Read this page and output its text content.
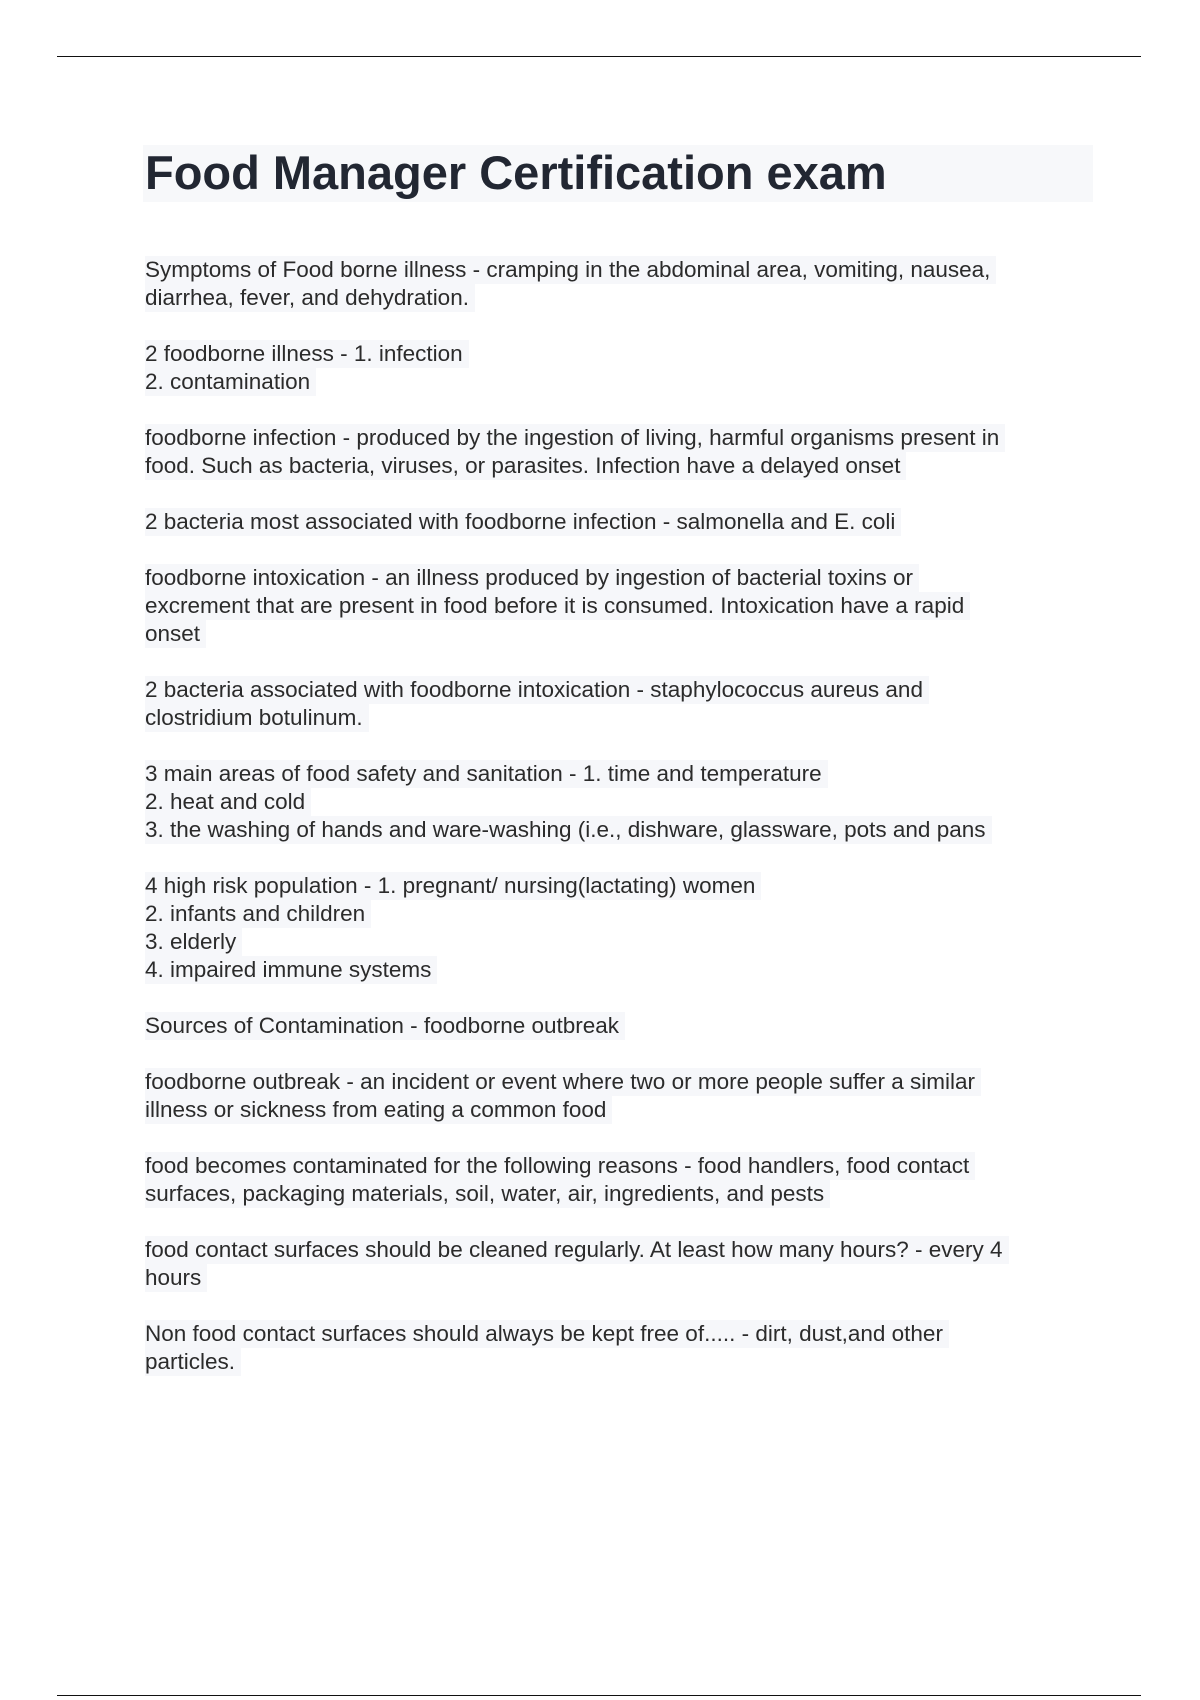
Food Manager Certification exam
Symptoms of Food borne illness - cramping in the abdominal area, vomiting, nausea,
diarrhea, fever, and dehydration.
2 foodborne illness - 1. infection
2. contamination
foodborne infection - produced by the ingestion of living, harmful organisms present in
food. Such as bacteria, viruses, or parasites. Infection have a delayed onset
2 bacteria most associated with foodborne infection - salmonella and E. coli
foodborne intoxication - an illness produced by ingestion of bacterial toxins or
excrement that are present in food before it is consumed. Intoxication have a rapid
onset
2 bacteria associated with foodborne intoxication - staphylococcus aureus and
clostridium botulinum.
3 main areas of food safety and sanitation - 1. time and temperature
2. heat and cold
3. the washing of hands and ware-washing (i.e., dishware, glassware, pots and pans
4 high risk population - 1. pregnant/ nursing(lactating) women
2. infants and children
3. elderly
4. impaired immune systems
Sources of Contamination - foodborne outbreak
foodborne outbreak - an incident or event where two or more people suffer a similar
illness or sickness from eating a common food
food becomes contaminated for the following reasons - food handlers, food contact
surfaces, packaging materials, soil, water, air, ingredients, and pests
food contact surfaces should be cleaned regularly. At least how many hours? - every 4
hours
Non food contact surfaces should always be kept free of..... - dirt, dust,and other
particles.
